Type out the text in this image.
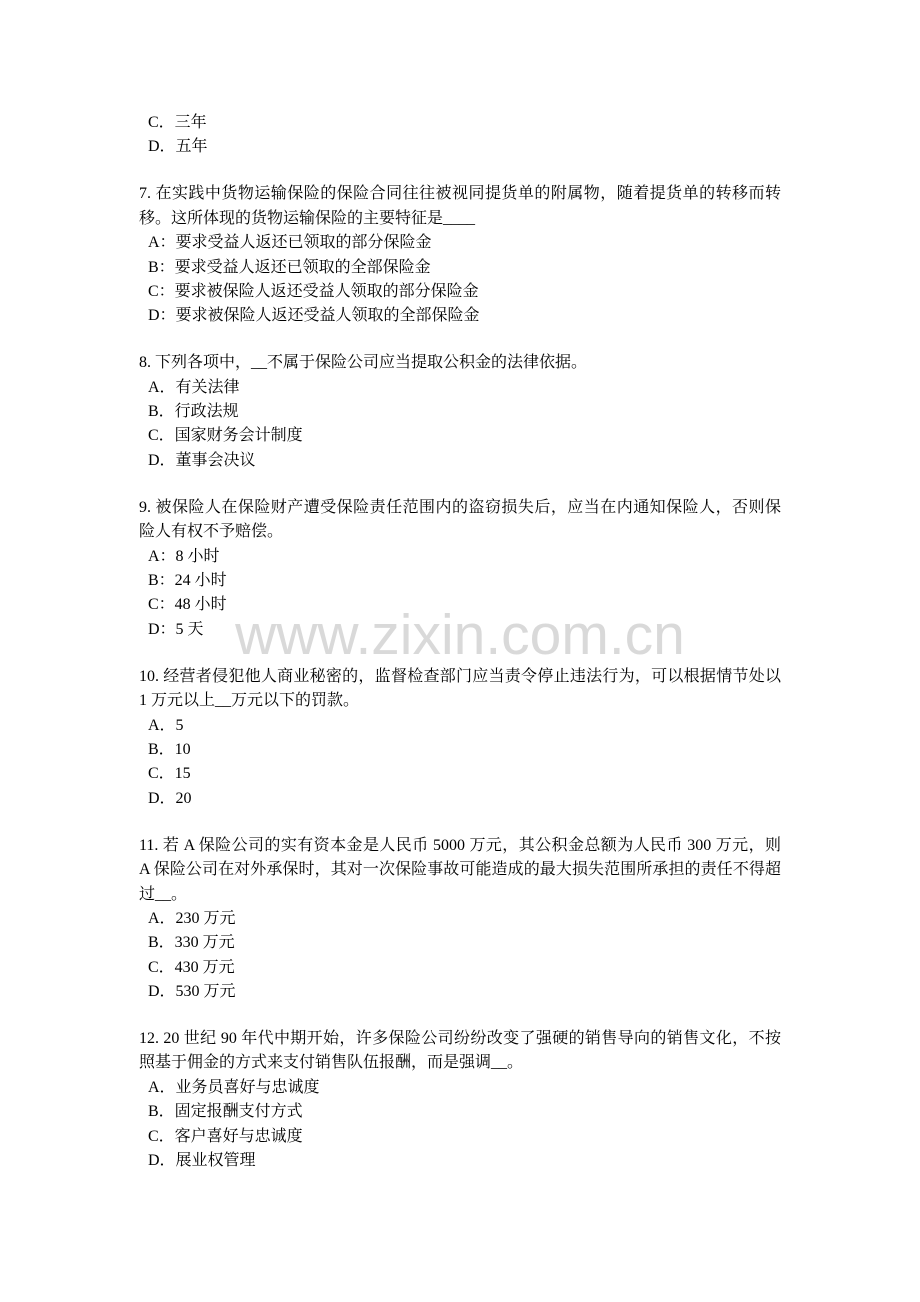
C．三年
D．五年
7. 在实践中货物运输保险的保险合同往往被视同提货单的附属物，随着提货单的转移而转
移。这所体现的货物运输保险的主要特征是____
A：要求受益人返还已领取的部分保险金
B：要求受益人返还已领取的全部保险金
C：要求被保险人返还受益人领取的部分保险金
D：要求被保险人返还受益人领取的全部保险金
8. 下列各项中，__不属于保险公司应当提取公积金的法律依据。
A．有关法律
B．行政法规
C．国家财务会计制度
D．董事会决议
9. 被保险人在保险财产遭受保险责任范围内的盗窃损失后，应当在内通知保险人，否则保
险人有权不予赔偿。
A：8 小时
B：24 小时
C：48 小时
D：5 天
10. 经营者侵犯他人商业秘密的，监督检查部门应当责令停止违法行为，可以根据情节处以
1 万元以上__万元以下的罚款。
A．5
B．10
C．15
D．20
11. 若 A 保险公司的实有资本金是人民币 5000 万元，其公积金总额为人民币 300 万元，则
A 保险公司在对外承保时，其对一次保险事故可能造成的最大损失范围所承担的责任不得超
过__。
A．230 万元
B．330 万元
C．430 万元
D．530 万元
12. 20 世纪 90 年代中期开始，许多保险公司纷纷改变了强硬的销售导向的销售文化，不按
照基于佣金的方式来支付销售队伍报酬，而是强调__。
A．业务员喜好与忠诚度
B．固定报酬支付方式
C．客户喜好与忠诚度
D．展业权管理
www.zixin.com.cn
